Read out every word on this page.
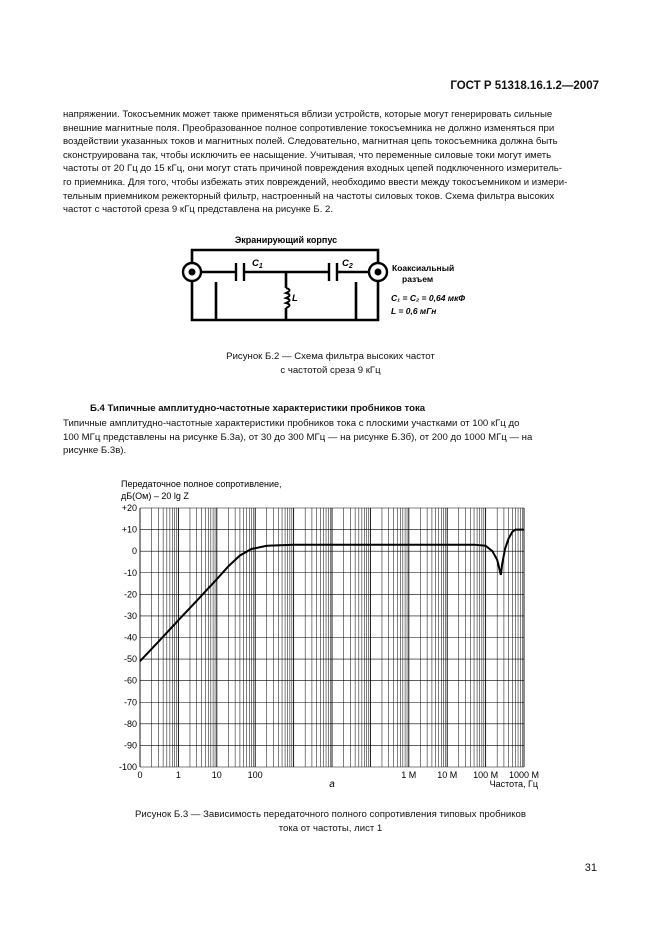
ГОСТ Р 51318.16.1.2—2007
напряжении. Токосъемник может также применяться вблизи устройств, которые могут генерировать сильные
внешние магнитные поля. Преобразованное полное сопротивление токосъемника не должно изменяться при
воздействии указанных токов и магнитных полей. Следовательно, магнитная цепь токосъемника должна быть
сконструирована так, чтобы исключить ее насыщение. Учитывая, что переменные силовые токи могут иметь
частоты от 20 Гц до 15 кГц, они могут стать причиной повреждения входных цепей подключенного измеритель-
го приемника. Для того, чтобы избежать этих повреждений, необходимо ввести между токосъемником и измери-
тельным приемником режекторный фильтр, настроенный на частоты силовых токов. Схема фильтра высоких
частот с частотой среза 9 кГц представлена на рисунке Б. 2.
Экранирующий корпус
$C_1$	$C_2$
L
Коаксиальный
разъем
C₁ = C₂ = 0,64 мкФ
L = 0,6 мГн
Рисунок Б.2 — Схема фильтра высоких частот
с частотой среза 9 кГц
Б.4 Типичные амплитудно-частотные характеристики пробников тока
Типичные амплитудно-частотные характеристики пробников тока с плоскими участками от 100 кГц до
100 МГц представлены на рисунке Б.3а), от 30 до 300 МГц — на рисунке Б.3б), от 200 до 1000 МГц — на
рисунке Б.3в).
Передаточное полное сопротивление,
дБ(Ом) – 20 lg Z
+20
+10
0
-10
-20
-30
-40
-50
-60
-70
-80
-90
-100
0	1	10	100	1 М 10 М 100 М 1000 М
Частота, Гц
а
Рисунок Б.3 — Зависимость передаточного полного сопротивления типовых пробников
тока от частоты, лист 1
31
